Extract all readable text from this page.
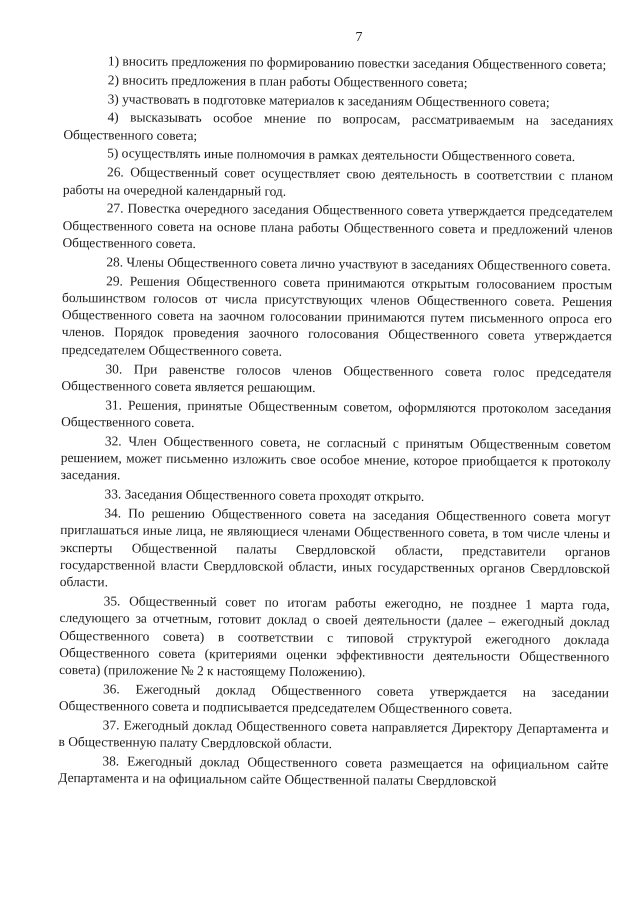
7

1) вносить предложения по формированию повестки заседания Общественного совета;

2) вносить предложения в план работы Общественного совета;

3) участвовать в подготовке материалов к заседаниям Общественного совета;

4) высказывать особое мнение по вопросам, рассматриваемым на заседаниях Общественного совета;

5) осуществлять иные полномочия в рамках деятельности Общественного совета.

26. Общественный совет осуществляет свою деятельность в соответствии с планом работы на очередной календарный год.

27. Повестка очередного заседания Общественного совета утверждается председателем Общественного совета на основе плана работы Общественного совета и предложений членов Общественного совета.

28. Члены Общественного совета лично участвуют в заседаниях Общественного совета.

29. Решения Общественного совета принимаются открытым голосованием простым большинством голосов от числа присутствующих членов Общественного совета. Решения Общественного совета на заочном голосовании принимаются путем письменного опроса его членов. Порядок проведения заочного голосования Общественного совета утверждается председателем Общественного совета.

30. При равенстве голосов членов Общественного совета голос председателя Общественного совета является решающим.

31. Решения, принятые Общественным советом, оформляются протоколом заседания Общественного совета.

32. Член Общественного совета, не согласный с принятым Общественным советом решением, может письменно изложить свое особое мнение, которое приобщается к протоколу заседания.

33. Заседания Общественного совета проходят открыто.

34. По решению Общественного совета на заседания Общественного совета могут приглашаться иные лица, не являющиеся членами Общественного совета, в том числе члены и эксперты Общественной палаты Свердловской области, представители органов государственной власти Свердловской области, иных государственных органов Свердловской области.

35. Общественный совет по итогам работы ежегодно, не позднее 1 марта года, следующего за отчетным, готовит доклад о своей деятельности (далее – ежегодный доклад Общественного совета) в соответствии с типовой структурой ежегодного доклада Общественного совета (критериями оценки эффективности деятельности Общественного совета) (приложение № 2 к настоящему Положению).

36. Ежегодный доклад Общественного совета утверждается на заседании Общественного совета и подписывается председателем Общественного совета.

37. Ежегодный доклад Общественного совета направляется Директору Департамента и в Общественную палату Свердловской области.

38. Ежегодный доклад Общественного совета размещается на официальном сайте Департамента и на официальном сайте Общественной палаты Свердловской
